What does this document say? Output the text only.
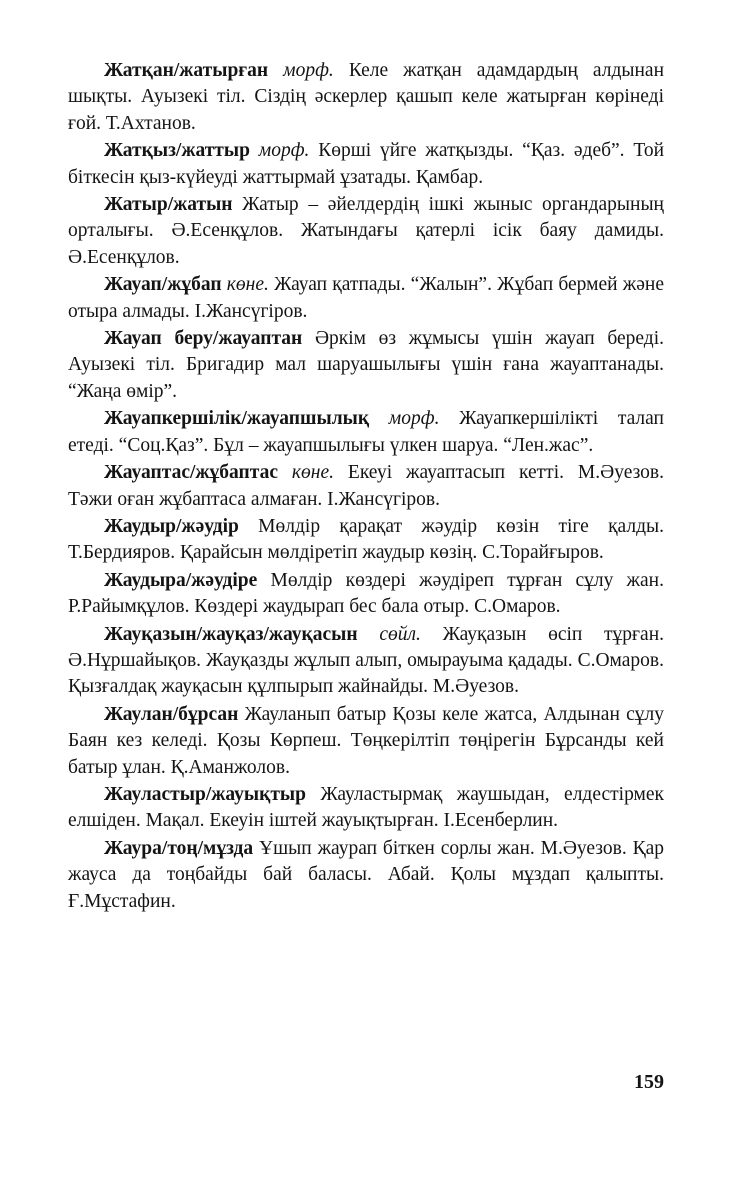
Жатқан/жатырған морф. Келе жатқан адамдардың алдынан шықты. Ауызекі тіл. Сіздің әскерлер қашып келе жатырған көрінеді ғой. Т.Ахтанов.

Жатқыз/жаттыр морф. Көрші үйге жатқызды. “Қаз. әдеб”. Той біткесін қыз-күйеуді жаттырмай ұзатады. Қамбар.

Жатыр/жатын Жатыр – әйелдердің ішкі жыныс органдарының орталығы. Ә.Есенқұлов. Жатындағы қатерлі ісік баяу дамиды. Ә.Есенқұлов.

Жауап/жұбап көне. Жауап қатпады. “Жалын”. Жұбап бермей және отыра алмады. І.Жансүгіров.

Жауап беру/жауаптан Әркім өз жұмысы үшін жауап береді. Ауызекі тіл. Бригадир мал шаруашылығы үшін ғана жауаптанады. “Жаңа өмір”.

Жауапкершілік/жауапшылық морф. Жауапкершілікті талап етеді. “Соц.Қаз”. Бұл – жауапшылығы үлкен шаруа. “Лен.жас”.

Жауаптас/жұбаптас көне. Екеуі жауаптасып кетті. М.Әуезов. Тәжи оған жұбаптаса алмаған. І.Жансүгіров.

Жаудыр/жәудір Мөлдір қарақат жәудір көзін тіге қалды. Т.Бердияров. Қарайсын мөлдіретіп жаудыр көзің. С.Торайғыров.

Жаудыра/жәудіре Мөлдір көздері жәудіреп тұрған сұлу жан. Р.Райымқұлов. Көздері жаудырап бес бала отыр. С.Омаров.

Жауқазын/жауқаз/жауқасын сөйл. Жауқазын өсіп тұрған. Ә.Нұршайықов. Жауқазды жұлып алып, омырауыма қадады. С.Омаров. Қызғалдақ жауқасын құлпырып жайнайды. М.Әуезов.

Жаулан/бұрсан Жауланып батыр Қозы келе жатса, Алдынан сұлу Баян кез келеді. Қозы Көрпеш. Төңкерілтіп төңірегін Бұрсанды кей батыр ұлан. Қ.Аманжолов.

Жауластыр/жауықтыр Жауластырмақ жаушыдан, елдестірмек елшіден. Мақал. Екеуін іштей жауықтырған. І.Есенберлин.

Жаура/тоң/мұзда Ұшып жаурап біткен сорлы жан. М.Әуезов. Қар жауса да тоңбайды бай баласы. Абай. Қолы мұздап қалыпты. Ғ.Мұстафин.

159
